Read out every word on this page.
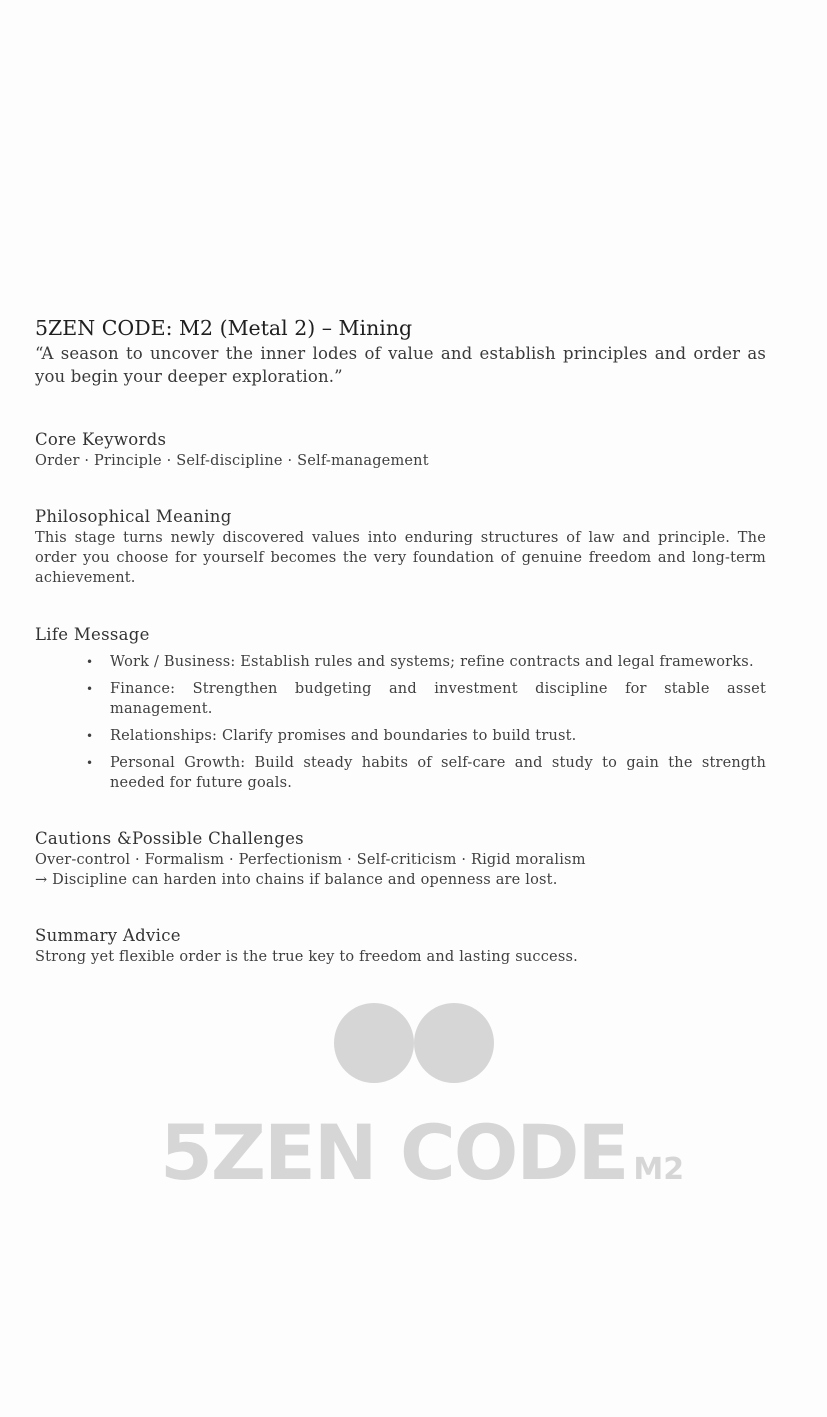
5ZEN CODE: M2 (Metal 2) – Mining

“A season to uncover the inner lodes of value and establish principles and order as you begin your deeper exploration.”

Core Keywords

Order · Principle · Self-discipline · Self-management

Philosophical Meaning

This stage turns newly discovered values into enduring structures of law and principle. The order you choose for yourself becomes the very foundation of genuine freedom and long-term achievement.

Life Message
• Work / Business: Establish rules and systems; refine contracts and legal frameworks.
• Finance: Strengthen budgeting and investment discipline for stable asset management.
• Relationships: Clarify promises and boundaries to build trust.
• Personal Growth: Build steady habits of self-care and study to gain the strength needed for future goals.
Cautions &Possible Challenges

Over-control · Formalism · Perfectionism · Self-criticism · Rigid moralism

→ Discipline can harden into chains if balance and openness are lost.

Summary Advice

Strong yet flexible order is the true key to freedom and lasting success.

5ZEN CODE M2
